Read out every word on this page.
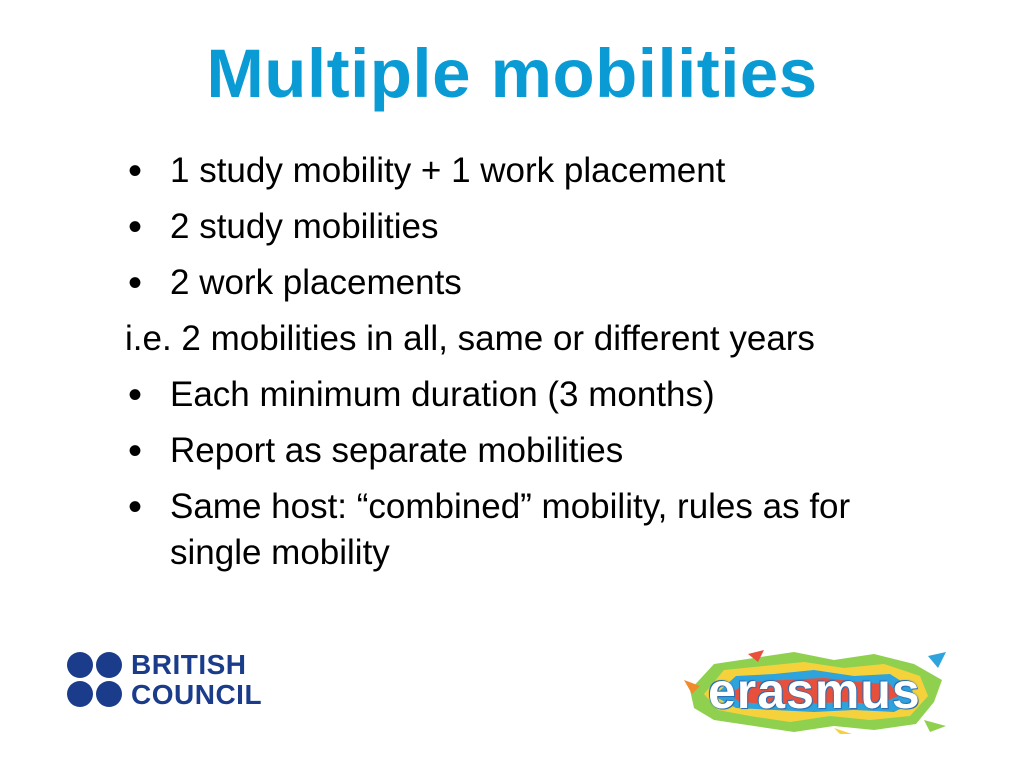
Multiple mobilities
• 1 study mobility + 1 work placement
• 2 study mobilities
• 2 work placements
i.e. 2 mobilities in all, same or different years
• Each minimum duration (3 months)
• Report as separate mobilities
• Same host: “combined” mobility, rules as for single mobility
BRITISH
COUNCIL	erasmus
